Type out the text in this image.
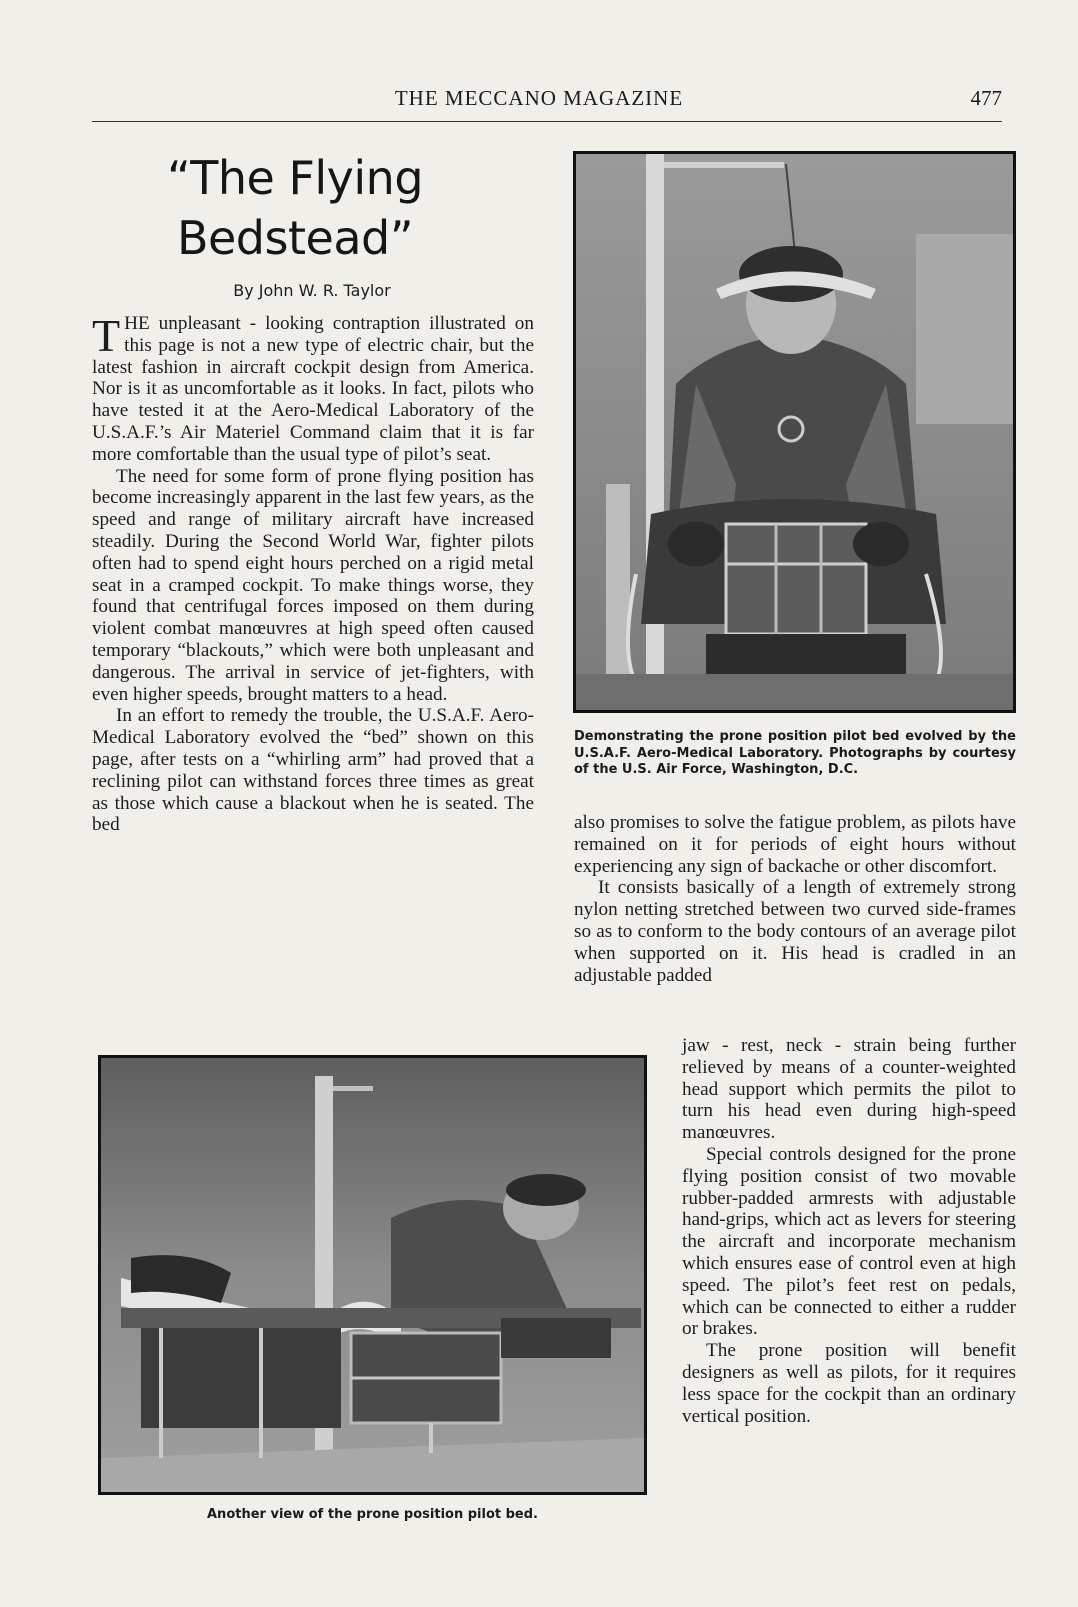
THE MECCANO MAGAZINE	477
“The Flying
Bedstead”
By John W. R. Taylor

THE unpleasant - looking contraption illustrated on this page is not a new type of electric chair, but the latest fashion in aircraft cockpit design from America. Nor is it as uncomfortable as it looks. In fact, pilots who have tested it at the Aero-Medical Laboratory of the U.S.A.F.’s Air Materiel Command claim that it is far more comfortable than the usual type of pilot’s seat.

The need for some form of prone flying position has become increasingly apparent in the last few years, as the speed and range of military aircraft have increased steadily. During the Second World War, fighter pilots often had to spend eight hours perched on a rigid metal seat in a cramped cockpit. To make things worse, they found that centrifugal forces imposed on them during violent combat manœuvres at high speed often caused temporary “blackouts,” which were both unpleasant and dangerous. The arrival in service of jet-fighters, with even higher speeds, brought matters to a head.

In an effort to remedy the trouble, the U.S.A.F. Aero-Medical Laboratory evolved the “bed” shown on this page, after tests on a “whirling arm” had proved that a reclining pilot can withstand forces three times as great as those which cause a blackout when he is seated. The bed

Demonstrating the prone position pilot bed evolved by the U.S.A.F. Aero-Medical Laboratory. Photographs by courtesy of the U.S. Air Force, Washington, D.C.

also promises to solve the fatigue problem, as pilots have remained on it for periods of eight hours without experiencing any sign of backache or other discomfort.

It consists basically of a length of extremely strong nylon netting stretched between two curved side-frames so as to conform to the body contours of an average pilot when supported on it. His head is cradled in an adjustable padded

Another view of the prone position pilot bed.

jaw - rest, neck - strain being further relieved by means of a counter-weighted head support which permits the pilot to turn his head even during high-speed manœuvres.

Special controls designed for the prone flying position consist of two movable rubber-padded armrests with adjustable hand-grips, which act as levers for steering the aircraft and incorporate mechanism which ensures ease of control even at high speed. The pilot’s feet rest on pedals, which can be connected to either a rudder or brakes.

The prone position will benefit designers as well as pilots, for it requires less space for the cockpit than an ordinary vertical position.
